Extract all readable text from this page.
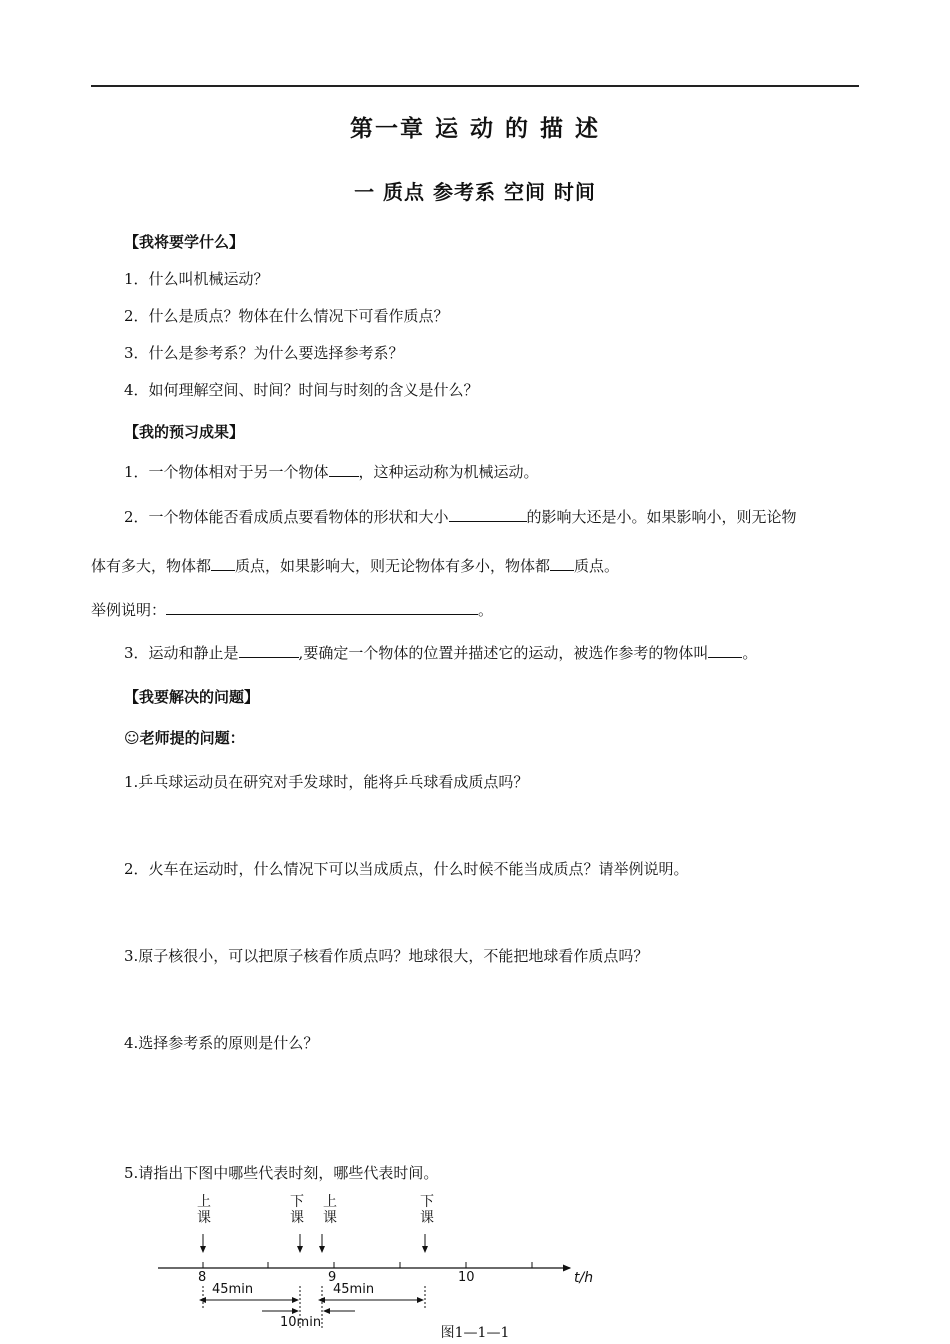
第一章 运 动 的 描 述
一 质点 参考系 空间 时间
【我将要学什么】
1．什么叫机械运动？
2．什么是质点？物体在什么情况下可看作质点？
3．什么是参考系？为什么要选择参考系？
4．如何理解空间、时间？时间与时刻的含义是什么？
【我的预习成果】
1．一个物体相对于另一个物体 ，这种运动称为机械运动。
2．一个物体能否看成质点要看物体的形状和大小	的影响大还是小。如果影响小，则无论物
体有多大，物体都 质点，如果影响大，则无论物体有多小，物体都 质点。
举例说明：	。
3．运动和静止是	,要确定一个物体的位置并描述它的运动，被选作参考的物体叫 。
【我要解决的问题】
☺老师提的问题：
1.乒乓球运动员在研究对手发球时，能将乒乓球看成质点吗？
2．火车在运动时，什么情况下可以当成质点，什么时候不能当成质点？请举例说明。
3.原子核很小，可以把原子核看作质点吗？地球很大，不能把地球看作质点吗？
4.选择参考系的原则是什么？
5.请指出下图中哪些代表时刻，哪些代表时间。
上课
下课
上课
下课
8	9	10	t/h
45min	45min
10min
图1—1—1
